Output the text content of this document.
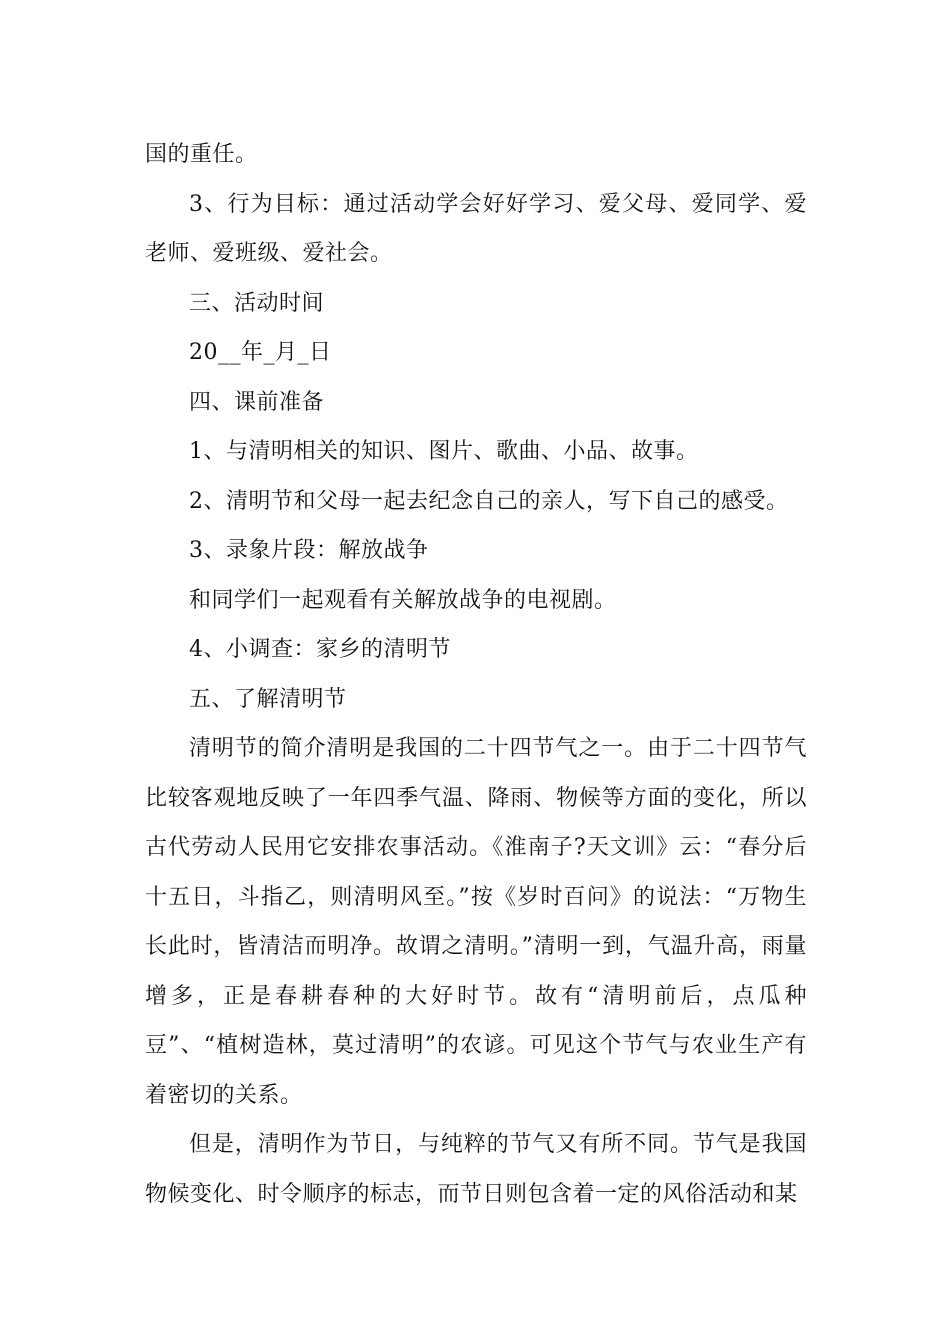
国的重任。

3、行为目标：通过活动学会好好学习、爱父母、爱同学、爱老师、爱班级、爱社会。

三、活动时间

20__年_月_日

四、课前准备

1、与清明相关的知识、图片、歌曲、小品、故事。

2、清明节和父母一起去纪念自己的亲人，写下自己的感受。

3、录象片段：解放战争

和同学们一起观看有关解放战争的电视剧。

4、小调查：家乡的清明节

五、了解清明节

清明节的简介清明是我国的二十四节气之一。由于二十四节气比较客观地反映了一年四季气温、降雨、物候等方面的变化，所以古代劳动人民用它安排农事活动。《淮南子?天文训》云：“春分后十五日，斗指乙，则清明风至。”按《岁时百问》的说法：“万物生长此时，皆清洁而明净。故谓之清明。”清明一到，气温升高，雨量增多，正是春耕春种的大好时节。故有“清明前后，点瓜种豆”、“植树造林，莫过清明”的农谚。可见这个节气与农业生产有着密切的关系。

但是，清明作为节日，与纯粹的节气又有所不同。节气是我国物候变化、时令顺序的标志，而节日则包含着一定的风俗活动和某
